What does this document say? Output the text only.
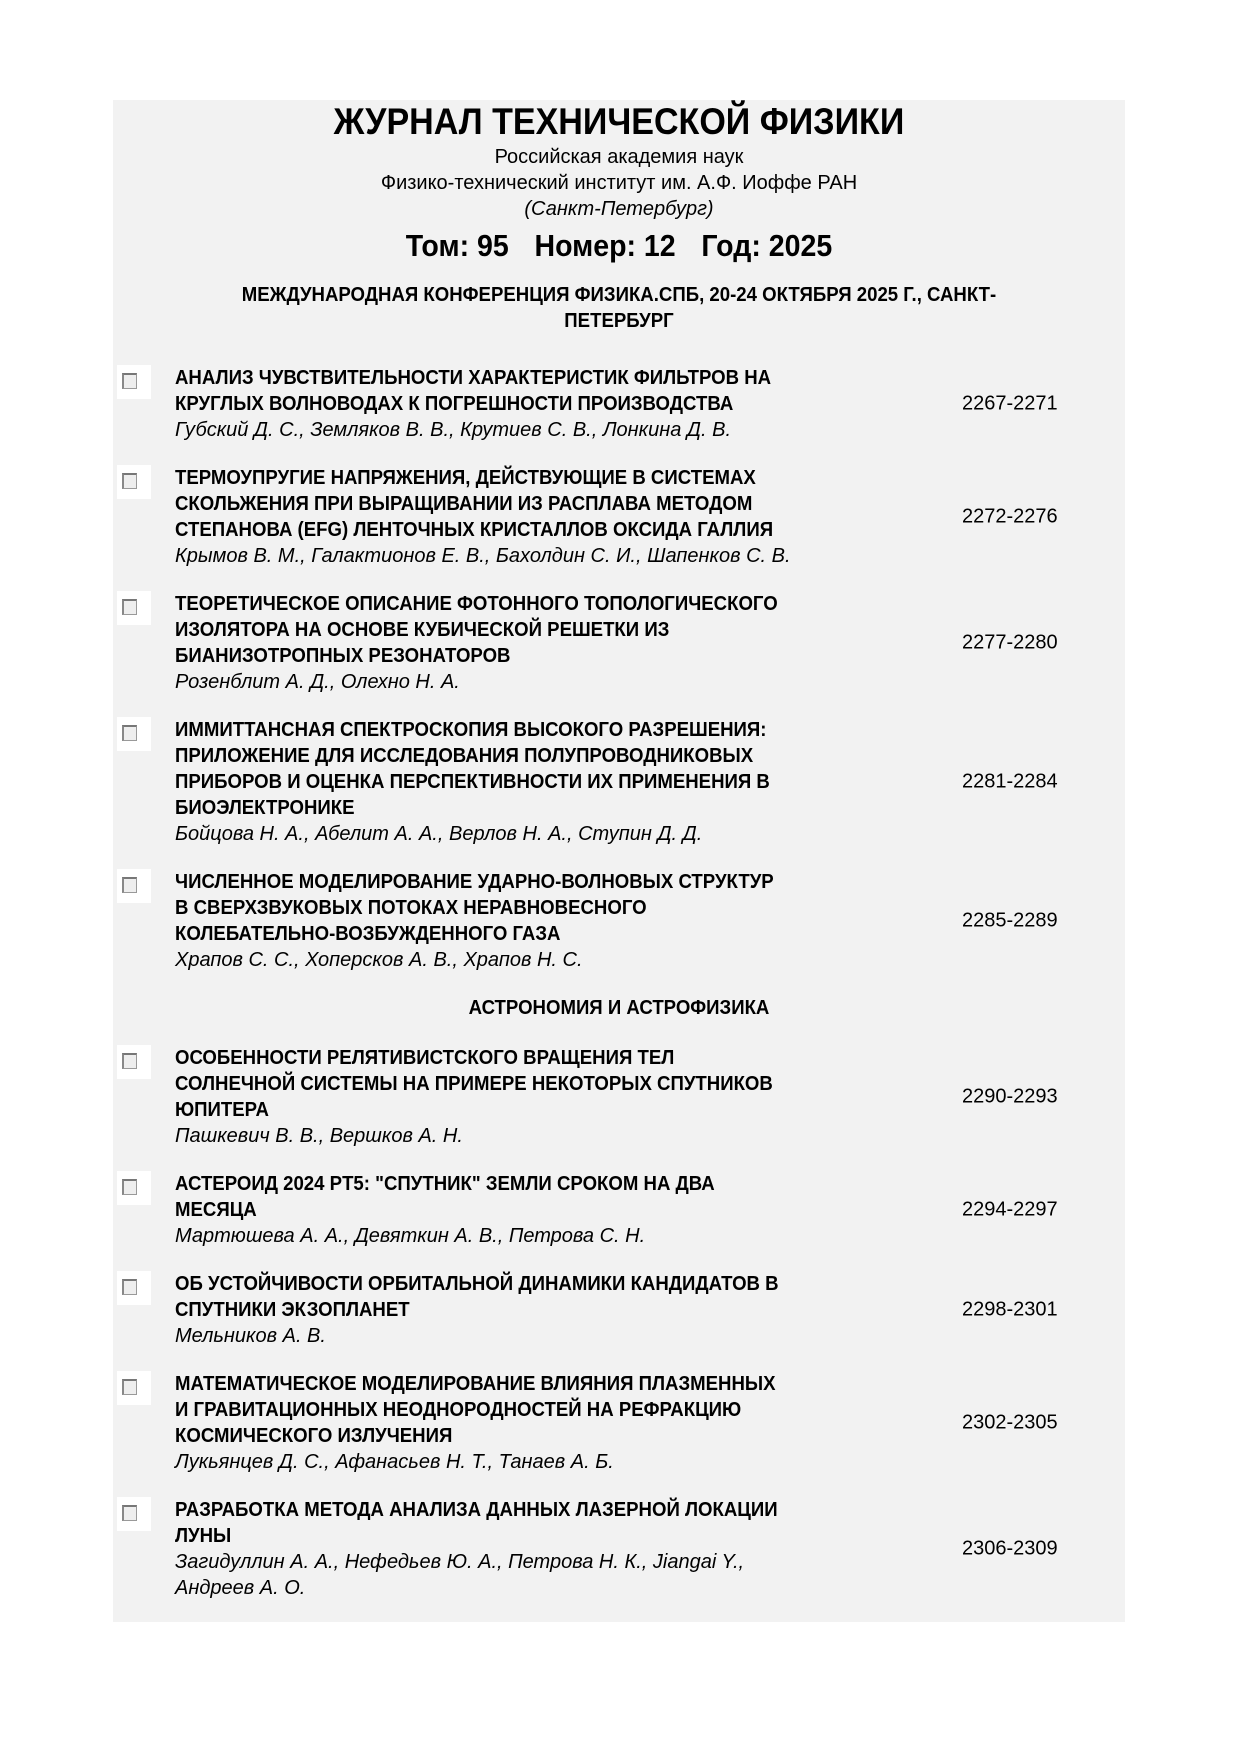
ЖУРНАЛ ТЕХНИЧЕСКОЙ ФИЗИКИ
Российская академия наук
Физико-технический институт им. А.Ф. Иоффе РАН
(Санкт-Петербург)
Том: 95 Номер: 12 Год: 2025
МЕЖДУНАРОДНАЯ КОНФЕРЕНЦИЯ ФИЗИКА.СПБ, 20-24 ОКТЯБРЯ 2025 Г., САНКТ-
ПЕТЕРБУРГ
АНАЛИЗ ЧУВСТВИТЕЛЬНОСТИ ХАРАКТЕРИСТИК ФИЛЬТРОВ НА
КРУГЛЫХ ВОЛНОВОДАХ К ПОГРЕШНОСТИ ПРОИЗВОДСТВА
Губский Д. С., Земляков В. В., Крутиев С. В., Лонкина Д. В.
2267-2271
ТЕРМОУПРУГИЕ НАПРЯЖЕНИЯ, ДЕЙСТВУЮЩИЕ В СИСТЕМАХ
СКОЛЬЖЕНИЯ ПРИ ВЫРАЩИВАНИИ ИЗ РАСПЛАВА МЕТОДОМ
СТЕПАНОВА (EFG) ЛЕНТОЧНЫХ КРИСТАЛЛОВ ОКСИДА ГАЛЛИЯ
Крымов В. М., Галактионов Е. В., Бахолдин С. И., Шапенков С. В.
2272-2276
ТЕОРЕТИЧЕСКОЕ ОПИСАНИЕ ФОТОННОГО ТОПОЛОГИЧЕСКОГО
ИЗОЛЯТОРА НА ОСНОВЕ КУБИЧЕСКОЙ РЕШЕТКИ ИЗ
БИАНИЗОТРОПНЫХ РЕЗОНАТОРОВ
Розенблит А. Д., Олехно Н. А.
2277-2280
ИММИТТАНСНАЯ СПЕКТРОСКОПИЯ ВЫСОКОГО РАЗРЕШЕНИЯ:
ПРИЛОЖЕНИЕ ДЛЯ ИССЛЕДОВАНИЯ ПОЛУПРОВОДНИКОВЫХ
ПРИБОРОВ И ОЦЕНКА ПЕРСПЕКТИВНОСТИ ИХ ПРИМЕНЕНИЯ В
БИОЭЛЕКТРОНИКЕ
Бойцова Н. А., Абелит А. А., Верлов Н. А., Ступин Д. Д.
2281-2284
ЧИСЛЕННОЕ МОДЕЛИРОВАНИЕ УДАРНО-ВОЛНОВЫХ СТРУКТУР
В СВЕРХЗВУКОВЫХ ПОТОКАХ НЕРАВНОВЕСНОГО
КОЛЕБАТЕЛЬНО-ВОЗБУЖДЕННОГО ГАЗА
Храпов С. С., Хоперсков А. В., Храпов Н. С.
2285-2289
АСТРОНОМИЯ И АСТРОФИЗИКА
ОСОБЕННОСТИ РЕЛЯТИВИСТСКОГО ВРАЩЕНИЯ ТЕЛ
СОЛНЕЧНОЙ СИСТЕМЫ НА ПРИМЕРЕ НЕКОТОРЫХ СПУТНИКОВ
ЮПИТЕРА
Пашкевич В. В., Вершков А. Н.
2290-2293
АСТЕРОИД 2024 PT5: "СПУТНИК" ЗЕМЛИ СРОКОМ НА ДВА
МЕСЯЦА
Мартюшева А. А., Девяткин А. В., Петрова С. Н.
2294-2297
ОБ УСТОЙЧИВОСТИ ОРБИТАЛЬНОЙ ДИНАМИКИ КАНДИДАТОВ В
СПУТНИКИ ЭКЗОПЛАНЕТ
Мельников А. В.
2298-2301
МАТЕМАТИЧЕСКОЕ МОДЕЛИРОВАНИЕ ВЛИЯНИЯ ПЛАЗМЕННЫХ
И ГРАВИТАЦИОННЫХ НЕОДНОРОДНОСТЕЙ НА РЕФРАКЦИЮ
КОСМИЧЕСКОГО ИЗЛУЧЕНИЯ
Лукьянцев Д. С., Афанасьев Н. Т., Танаев А. Б.
2302-2305
РАЗРАБОТКА МЕТОДА АНАЛИЗА ДАННЫХ ЛАЗЕРНОЙ ЛОКАЦИИ
ЛУНЫ
Загидуллин А. А., Нефедьев Ю. А., Петрова Н. К., Jiangai Y.,
Андреев А. О.
2306-2309
